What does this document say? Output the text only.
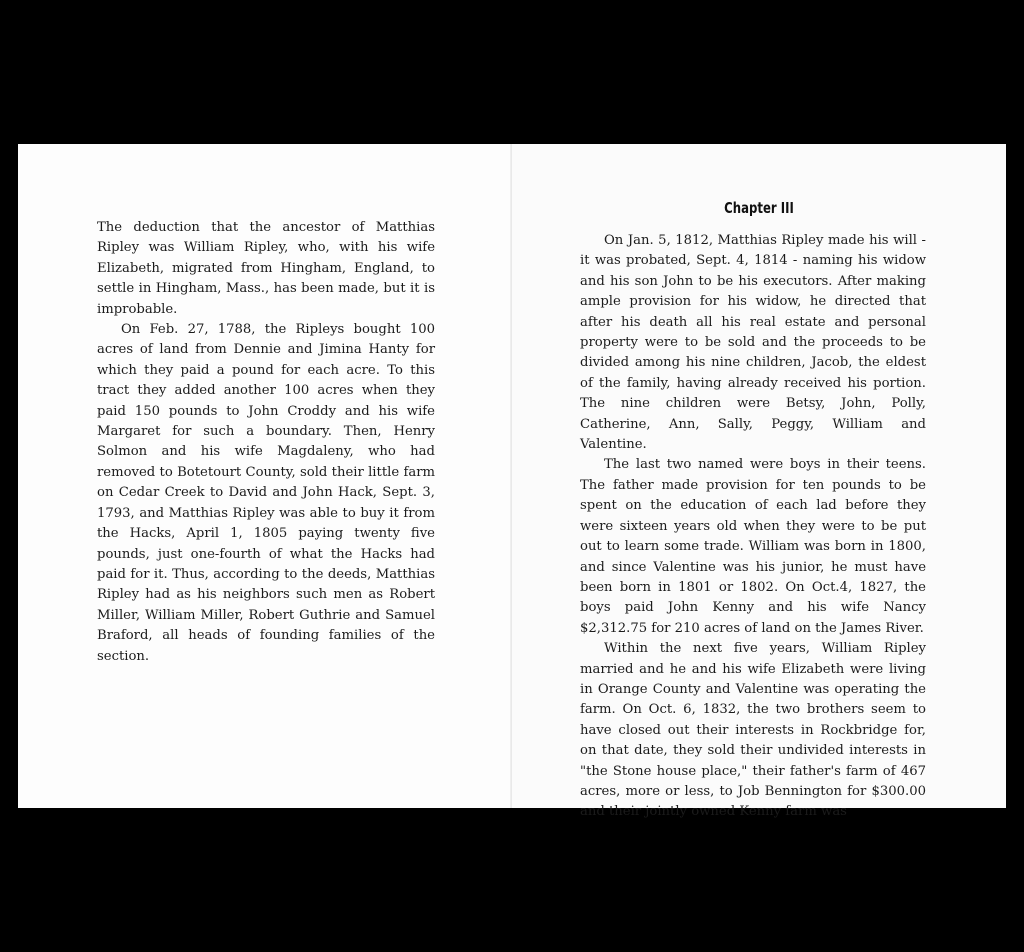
The deduction that the ancestor of Matthias Ripley was William Ripley, who, with his wife Elizabeth, migrated from Hingham, England, to settle in Hingham, Mass., has been made, but it is improbable.

On Feb. 27, 1788, the Ripleys bought 100 acres of land from Dennie and Jimina Hanty for which they paid a pound for each acre. To this tract they added another 100 acres when they paid 150 pounds to John Croddy and his wife Margaret for such a boundary. Then, Henry Solmon and his wife Magdaleny, who had removed to Botetourt County, sold their little farm on Cedar Creek to David and John Hack, Sept. 3, 1793, and Matthias Ripley was able to buy it from the Hacks, April 1, 1805 paying twenty five pounds, just one-fourth of what the Hacks had paid for it. Thus, according to the deeds, Matthias Ripley had as his neighbors such men as Robert Miller, William Miller, Robert Guthrie and Samuel Braford, all heads of founding families of the section.

Chapter III

On Jan. 5, 1812, Matthias Ripley made his will - it was probated, Sept. 4, 1814 - naming his widow and his son John to be his executors. After making ample provision for his widow, he directed that after his death all his real estate and personal property were to be sold and the proceeds to be divided among his nine children, Jacob, the eldest of the family, having already received his portion. The nine children were Betsy, John, Polly, Catherine, Ann, Sally, Peggy, William and Valentine.

The last two named were boys in their teens. The father made provision for ten pounds to be spent on the education of each lad before they were sixteen years old when they were to be put out to learn some trade. William was born in 1800, and since Valentine was his junior, he must have been born in 1801 or 1802. On Oct.4, 1827, the boys paid John Kenny and his wife Nancy $2,312.75 for 210 acres of land on the James River.

Within the next five years, William Ripley married and he and his wife Elizabeth were living in Orange County and Valentine was operating the farm. On Oct. 6, 1832, the two brothers seem to have closed out their interests in Rockbridge for, on that date, they sold their undivided interests in "the Stone house place," their father's farm of 467 acres, more or less, to Job Bennington for $300.00 and their jointly owned Kenny farm was
